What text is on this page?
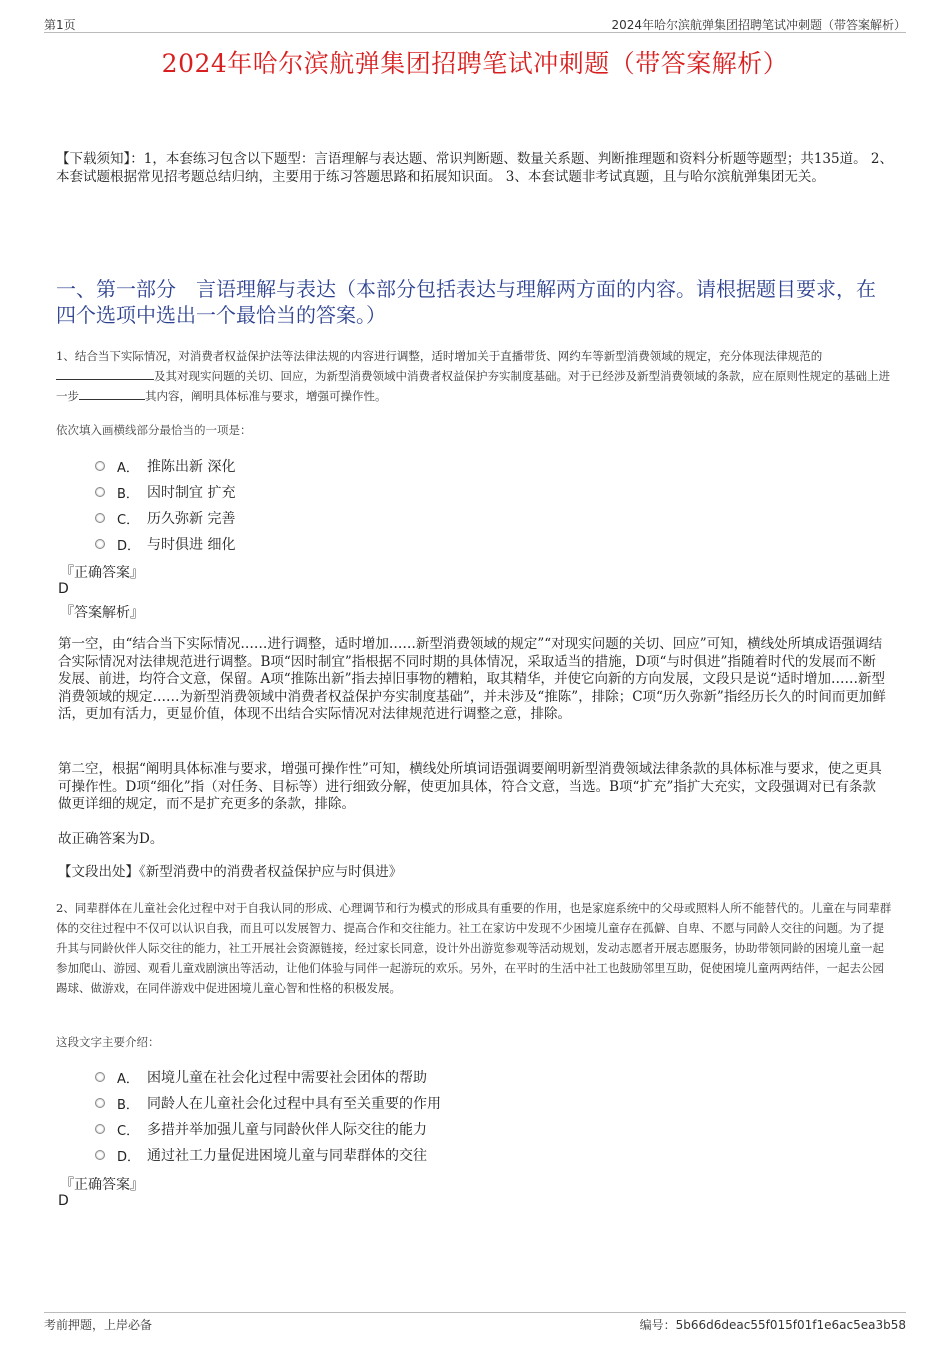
第1页	2024年哈尔滨航弹集团招聘笔试冲刺题（带答案解析）
2024年哈尔滨航弹集团招聘笔试冲刺题（带答案解析）
【下载须知】：1，本套练习包含以下题型：言语理解与表达题、常识判断题、数量关系题、判断推理题和资料分析题等题型；共135道。 2、本套试题根据常见招考题总结归纳，主要用于练习答题思路和拓展知识面。 3、本套试题非考试真题，且与哈尔滨航弹集团无关。
一、第一部分　言语理解与表达（本部分包括表达与理解两方面的内容。请根据题目要求，在四个选项中选出一个最恰当的答案。）
1、结合当下实际情况，对消费者权益保护法等法律法规的内容进行调整，适时增加关于直播带货、网约车等新型消费领域的规定，充分体现法律规范的及其对现实问题的关切、回应，为新型消费领域中消费者权益保护夯实制度基础。对于已经涉及新型消费领域的条款，应在原则性规定的基础上进一步	其内容，阐明具体标准与要求，增强可操作性。
依次填入画横线部分最恰当的一项是：
A． 推陈出新 深化
B． 因时制宜 扩充
C． 历久弥新 完善
D． 与时俱进 细化
『正确答案』
D
『答案解析』
第一空，由“结合当下实际情况……进行调整，适时增加……新型消费领域的规定”“对现实问题的关切、回应”可知，横线处所填成语强调结合实际情况对法律规范进行调整。B项“因时制宜”指根据不同时期的具体情况，采取适当的措施，D项“与时俱进”指随着时代的发展而不断发展、前进，均符合文意，保留。A项“推陈出新”指去掉旧事物的糟粕，取其精华，并使它向新的方向发展，文段只是说“适时增加……新型消费领域的规定……为新型消费领域中消费者权益保护夯实制度基础”，并未涉及“推陈”，排除；C项“历久弥新”指经历长久的时间而更加鲜活，更加有活力，更显价值，体现不出结合实际情况对法律规范进行调整之意，排除。
第二空，根据“阐明具体标准与要求，增强可操作性”可知，横线处所填词语强调要阐明新型消费领域法律条款的具体标准与要求，使之更具可操作性。D项“细化”指（对任务、目标等）进行细致分解，使更加具体，符合文意，当选。B项“扩充”指扩大充实，文段强调对已有条款做更详细的规定，而不是扩充更多的条款，排除。
故正确答案为D。
【文段出处】《新型消费中的消费者权益保护应与时俱进》
2、同辈群体在儿童社会化过程中对于自我认同的形成、心理调节和行为模式的形成具有重要的作用，也是家庭系统中的父母或照料人所不能替代的。儿童在与同辈群体的交往过程中不仅可以认识自我，而且可以发展智力、提高合作和交往能力。社工在家访中发现不少困境儿童存在孤僻、自卑、不愿与同龄人交往的问题。为了提升其与同龄伙伴人际交往的能力，社工开展社会资源链接，经过家长同意，设计外出游览参观等活动规划，发动志愿者开展志愿服务，协助带领同龄的困境儿童一起参加爬山、游园、观看儿童戏剧演出等活动，让他们体验与同伴一起游玩的欢乐。另外，在平时的生活中社工也鼓励邻里互助，促使困境儿童两两结伴，一起去公园踢球、做游戏，在同伴游戏中促进困境儿童心智和性格的积极发展。
这段文字主要介绍：
A． 困境儿童在社会化过程中需要社会团体的帮助
B． 同龄人在儿童社会化过程中具有至关重要的作用
C． 多措并举加强儿童与同龄伙伴人际交往的能力
D． 通过社工力量促进困境儿童与同辈群体的交往
『正确答案』
D
考前押题，上岸必备	编号：5b66d6deac55f015f01f1e6ac5ea3b58
